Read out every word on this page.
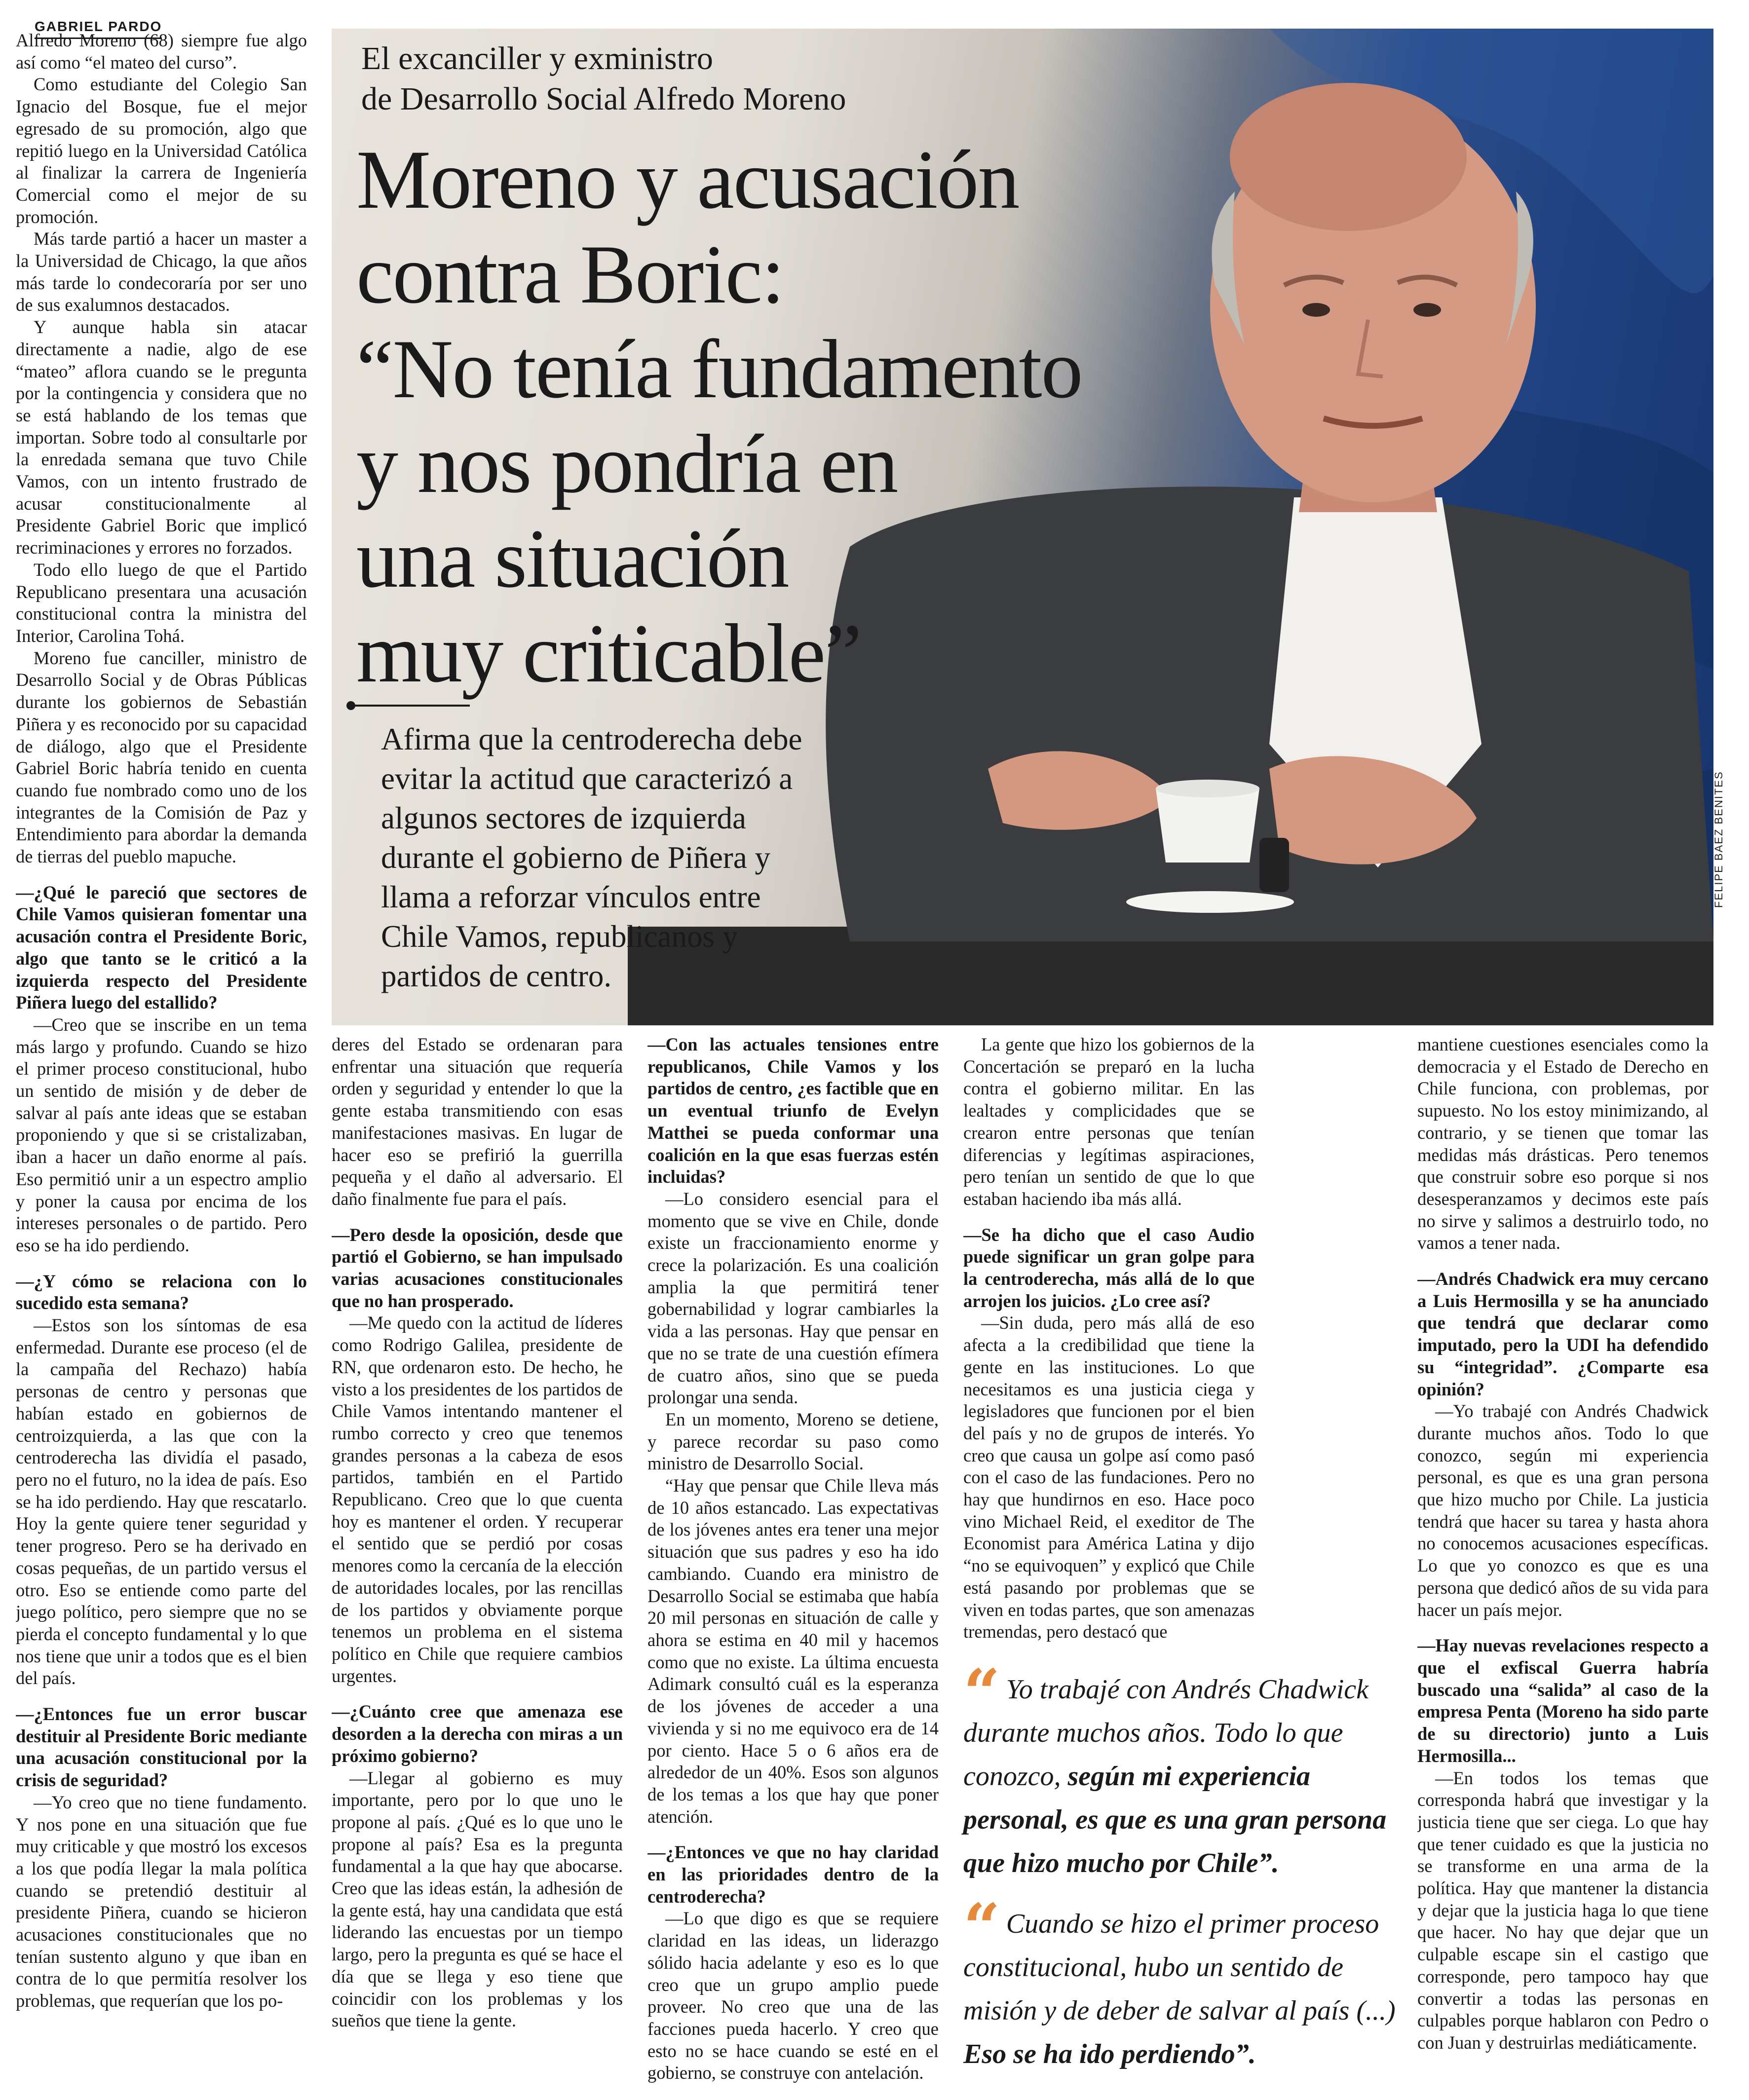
GABRIEL PARDO
El excanciller y exministro
de Desarrollo Social Alfredo Moreno
Moreno y acusación
contra Boric:
“No tenía fundamento
y nos pondría en
una situación
muy criticable”
Afirma que la centroderecha debe evitar la actitud que caracterizó a algunos sectores de izquierda durante el gobierno de Piñera y llama a reforzar vínculos entre Chile Vamos, republicanos y partidos de centro.
FELIPE BAEZ BENITES

Alfredo Moreno (68) siempre fue algo así como “el mateo del curso”.

Como estudiante del Colegio San Ignacio del Bosque, fue el mejor egresado de su promoción, algo que repitió luego en la Universidad Católica al finalizar la carrera de Ingeniería Comercial como el mejor de su promoción.

Más tarde partió a hacer un master a la Universidad de Chicago, la que años más tarde lo condecoraría por ser uno de sus exalumnos destacados.

Y aunque habla sin atacar directamente a nadie, algo de ese “mateo” aflora cuando se le pregunta por la contingencia y considera que no se está hablando de los temas que importan. Sobre todo al consultarle por la enredada semana que tuvo Chile Vamos, con un intento frustrado de acusar constitucionalmente al Presidente Gabriel Boric que implicó recriminaciones y errores no forzados.

Todo ello luego de que el Partido Republicano presentara una acusación constitucional contra la ministra del Interior, Carolina Tohá.

Moreno fue canciller, ministro de Desarrollo Social y de Obras Públicas durante los gobiernos de Sebastián Piñera y es reconocido por su capacidad de diálogo, algo que el Presidente Gabriel Boric habría tenido en cuenta cuando fue nombrado como uno de los integrantes de la Comisión de Paz y Entendimiento para abordar la demanda de tierras del pueblo mapuche.

—¿Qué le pareció que sectores de Chile Vamos quisieran fomentar una acusación contra el Presidente Boric, algo que tanto se le criticó a la izquierda respecto del Presidente Piñera luego del estallido?

—Creo que se inscribe en un tema más largo y profundo. Cuando se hizo el primer proceso constitucional, hubo un sentido de misión y de deber de salvar al país ante ideas que se estaban proponiendo y que si se cristalizaban, iban a hacer un daño enorme al país. Eso permitió unir a un espectro amplio y poner la causa por encima de los intereses personales o de partido. Pero eso se ha ido perdiendo.

—¿Y cómo se relaciona con lo sucedido esta semana?

—Estos son los síntomas de esa enfermedad. Durante ese proceso (el de la campaña del Rechazo) había personas de centro y personas que habían estado en gobiernos de centroizquierda, a las que con la centroderecha las dividía el pasado, pero no el futuro, no la idea de país. Eso se ha ido perdiendo. Hay que rescatarlo. Hoy la gente quiere tener seguridad y tener progreso. Pero se ha derivado en cosas pequeñas, de un partido versus el otro. Eso se entiende como parte del juego político, pero siempre que no se pierda el concepto fundamental y lo que nos tiene que unir a todos que es el bien del país.

—¿Entonces fue un error buscar destituir al Presidente Boric mediante una acusación constitucional por la crisis de seguridad?

—Yo creo que no tiene fundamento. Y nos pone en una situación que fue muy criticable y que mostró los excesos a los que podía llegar la mala política cuando se pretendió destituir al presidente Piñera, cuando se hicieron acusaciones constitucionales que no tenían sustento alguno y que iban en contra de lo que permitía resolver los problemas, que requerían que los po-

deres del Estado se ordenaran para enfrentar una situación que requería orden y seguridad y entender lo que la gente estaba transmitiendo con esas manifestaciones masivas. En lugar de hacer eso se prefirió la guerrilla pequeña y el daño al adversario. El daño finalmente fue para el país.

—Pero desde la oposición, desde que partió el Gobierno, se han impulsado varias acusaciones constitucionales que no han prosperado.

—Me quedo con la actitud de líderes como Rodrigo Galilea, presidente de RN, que ordenaron esto. De hecho, he visto a los presidentes de los partidos de Chile Vamos intentando mantener el rumbo correcto y creo que tenemos grandes personas a la cabeza de esos partidos, también en el Partido Republicano. Creo que lo que cuenta hoy es mantener el orden. Y recuperar el sentido que se perdió por cosas menores como la cercanía de la elección de autoridades locales, por las rencillas de los partidos y obviamente porque tenemos un problema en el sistema político en Chile que requiere cambios urgentes.

—¿Cuánto cree que amenaza ese desorden a la derecha con miras a un próximo gobierno?

—Llegar al gobierno es muy importante, pero por lo que uno le propone al país. ¿Qué es lo que uno le propone al país? Esa es la pregunta fundamental a la que hay que abocarse. Creo que las ideas están, la adhesión de la gente está, hay una candidata que está liderando las encuestas por un tiempo largo, pero la pregunta es qué se hace el día que se llega y eso tiene que coincidir con los problemas y los sueños que tiene la gente.

—Con las actuales tensiones entre republicanos, Chile Vamos y los partidos de centro, ¿es factible que en un eventual triunfo de Evelyn Matthei se pueda conformar una coalición en la que esas fuerzas estén incluidas?

—Lo considero esencial para el momento que se vive en Chile, donde existe un fraccionamiento enorme y crece la polarización. Es una coalición amplia la que permitirá tener gobernabilidad y lograr cambiarles la vida a las personas. Hay que pensar en que no se trate de una cuestión efímera de cuatro años, sino que se pueda prolongar una senda.

En un momento, Moreno se detiene, y parece recordar su paso como ministro de Desarrollo Social.

“Hay que pensar que Chile lleva más de 10 años estancado. Las expectativas de los jóvenes antes era tener una mejor situación que sus padres y eso ha ido cambiando. Cuando era ministro de Desarrollo Social se estimaba que había 20 mil personas en situación de calle y ahora se estima en 40 mil y hacemos como que no existe. La última encuesta Adimark consultó cuál es la esperanza de los jóvenes de acceder a una vivienda y si no me equivoco era de 14 por ciento. Hace 5 o 6 años era de alrededor de un 40%. Esos son algunos de los temas a los que hay que poner atención.

—¿Entonces ve que no hay claridad en las prioridades dentro de la centroderecha?

—Lo que digo es que se requiere claridad en las ideas, un liderazgo sólido hacia adelante y eso es lo que creo que un grupo amplio puede proveer. No creo que una de las facciones pueda hacerlo. Y creo que esto no se hace cuando se esté en el gobierno, se construye con antelación.

La gente que hizo los gobiernos de la Concertación se preparó en la lucha contra el gobierno militar. En las lealtades y complicidades que se crearon entre personas que tenían diferencias y legítimas aspiraciones, pero tenían un sentido de que lo que estaban haciendo iba más allá.

—Se ha dicho que el caso Audio puede significar un gran golpe para la centroderecha, más allá de lo que arrojen los juicios. ¿Lo cree así?

—Sin duda, pero más allá de eso afecta a la credibilidad que tiene la gente en las instituciones. Lo que necesitamos es una justicia ciega y legisladores que funcionen por el bien del país y no de grupos de interés. Yo creo que causa un golpe así como pasó con el caso de las fundaciones. Pero no hay que hundirnos en eso. Hace poco vino Michael Reid, el exeditor de The Economist para América Latina y dijo “no se equivoquen” y explicó que Chile está pasando por problemas que se viven en todas partes, que son amenazas tremendas, pero destacó que

mantiene cuestiones esenciales como la democracia y el Estado de Derecho en Chile funciona, con problemas, por supuesto. No los estoy minimizando, al contrario, y se tienen que tomar las medidas más drásticas. Pero tenemos que construir sobre eso porque si nos desesperanzamos y decimos este país no sirve y salimos a destruirlo todo, no vamos a tener nada.

—Andrés Chadwick era muy cercano a Luis Hermosilla y se ha anunciado que tendrá que declarar como imputado, pero la UDI ha defendido su “integridad”. ¿Comparte esa opinión?

—Yo trabajé con Andrés Chadwick durante muchos años. Todo lo que conozco, según mi experiencia personal, es que es una gran persona que hizo mucho por Chile. La justicia tendrá que hacer su tarea y hasta ahora no conocemos acusaciones específicas. Lo que yo conozco es que es una persona que dedicó años de su vida para hacer un país mejor.

—Hay nuevas revelaciones respecto a que el exfiscal Guerra habría buscado una “salida” al caso de la empresa Penta (Moreno ha sido parte de su directorio) junto a Luis Hermosilla...

—En todos los temas que corresponda habrá que investigar y la justicia tiene que ser ciega. Lo que hay que tener cuidado es que la justicia no se transforme en una arma de la política. Hay que mantener la distancia y dejar que la justicia haga lo que tiene que hacer. No hay que dejar que un culpable escape sin el castigo que corresponde, pero tampoco hay que convertir a todas las personas en culpables porque hablaron con Pedro o con Juan y destruirlas mediáticamente.

“ Yo trabajé con Andrés Chadwick durante muchos años. Todo lo que conozco, según mi experiencia personal, es que es una gran persona que hizo mucho por Chile”.
“ Cuando se hizo el primer proceso constitucional, hubo un sentido de misión y de deber de salvar al país (...) Eso se ha ido perdiendo”.
